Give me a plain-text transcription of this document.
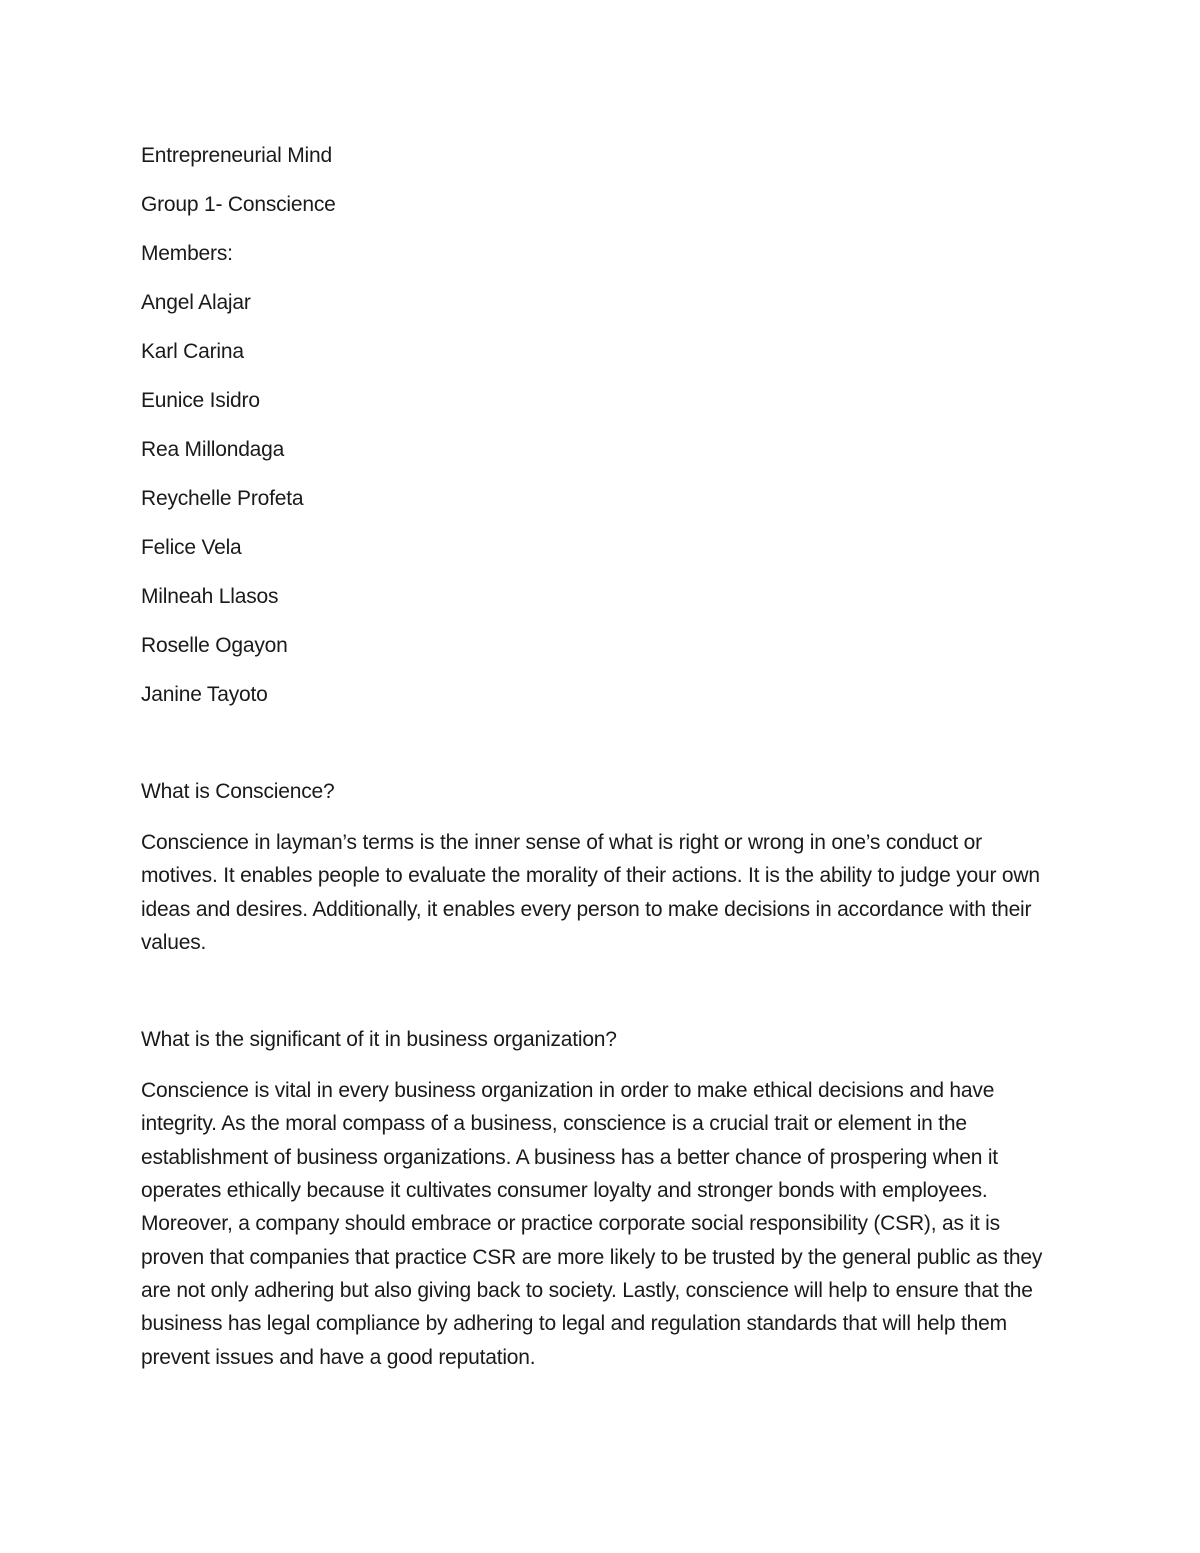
Entrepreneurial Mind

Group 1- Conscience

Members:

Angel Alajar

Karl Carina

Eunice Isidro

Rea Millondaga

Reychelle Profeta

Felice Vela

Milneah Llasos

Roselle Ogayon

Janine Tayoto

What is Conscience?

Conscience in layman’s terms is the inner sense of what is right or wrong in one’s conduct or motives. It enables people to evaluate the morality of their actions. It is the ability to judge your own ideas and desires. Additionally, it enables every person to make decisions in accordance with their values.

What is the significant of it in business organization?

Conscience is vital in every business organization in order to make ethical decisions and have integrity. As the moral compass of a business, conscience is a crucial trait or element in the establishment of business organizations. A business has a better chance of prospering when it operates ethically because it cultivates consumer loyalty and stronger bonds with employees. Moreover, a company should embrace or practice corporate social responsibility (CSR), as it is proven that companies that practice CSR are more likely to be trusted by the general public as they are not only adhering but also giving back to society. Lastly, conscience will help to ensure that the business has legal compliance by adhering to legal and regulation standards that will help them prevent issues and have a good reputation.
